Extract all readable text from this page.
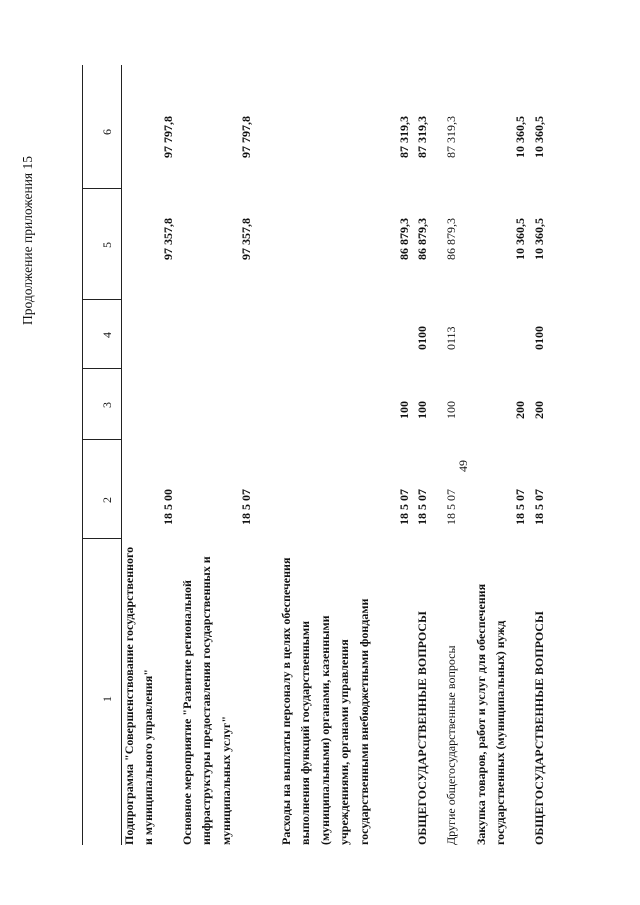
49
Продолжение приложения 15
1
2
3
4
5
6
Подпрограмма "Совершенствование государственного и муниципального управления"
18 5 00
97 357,8
97 797,8
Основное мероприятие "Развитие региональной инфраструктуры предоставления государственных и муниципальных услуг"
18 5 07
97 357,8
97 797,8
Расходы на выплаты персоналу в целях обеспечения выполнения функций государственными (муниципальными) органами, казенными учреждениями, органами управления государственными внебюджетными фондами
18 5 07
100
86 879,3
87 319,3
ОБЩЕГОСУДАРСТВЕННЫЕ ВОПРОСЫ
18 5 07
100
0100
86 879,3
87 319,3
Другие общегосударственные вопросы
18 5 07
100
0113
86 879,3
87 319,3
Закупка товаров, работ и услуг для обеспечения государственных (муниципальных) нужд
18 5 07
200
10 360,5
10 360,5
ОБЩЕГОСУДАРСТВЕННЫЕ ВОПРОСЫ
18 5 07
200
0100
10 360,5
10 360,5
